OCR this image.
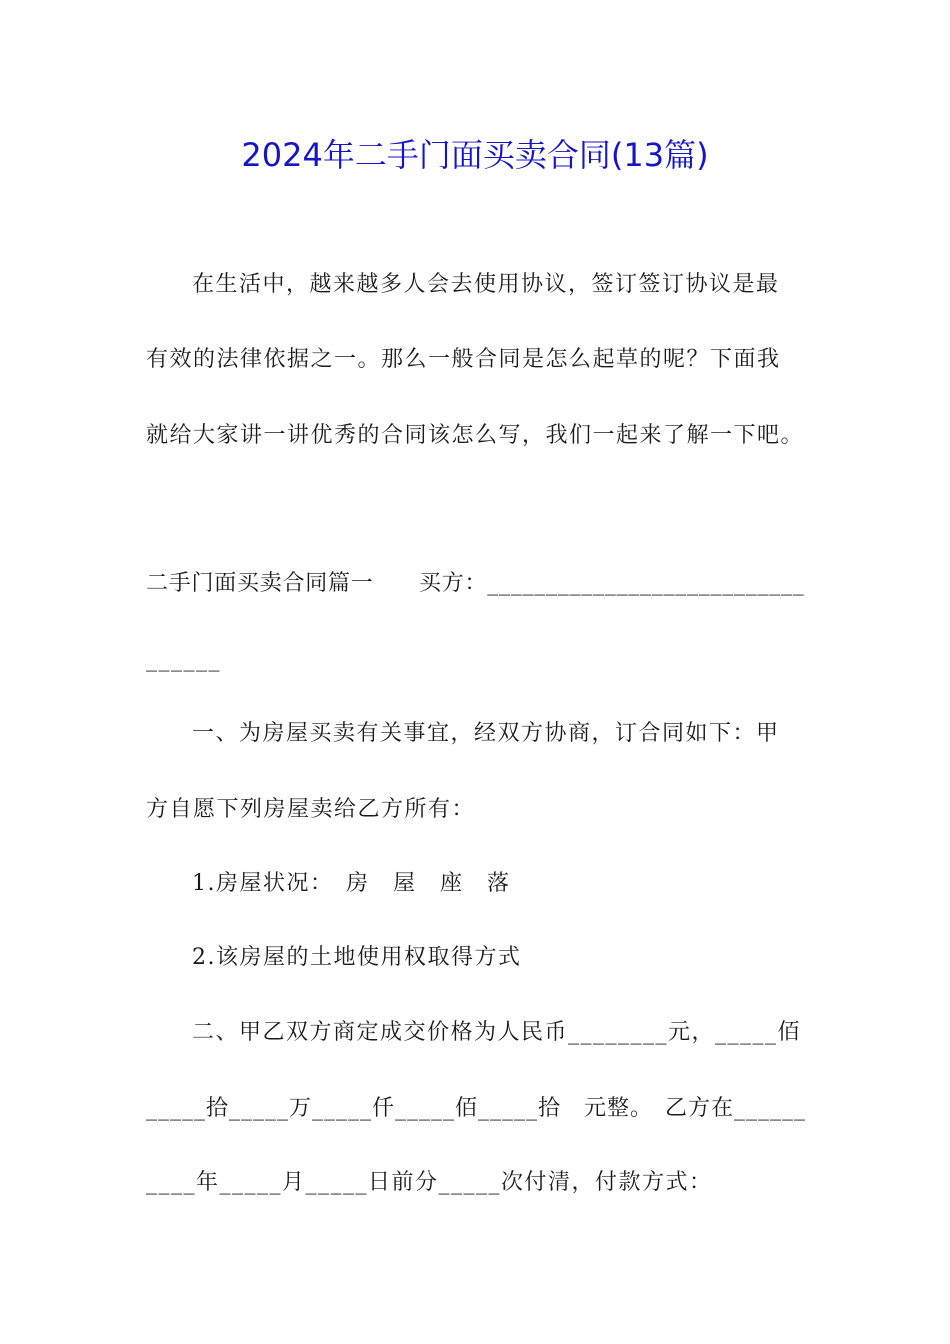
2024年二手门面买卖合同(13篇)
在生活中，越来越多人会去使用协议，签订签订协议是最
有效的法律依据之一。那么一般合同是怎么起草的呢？下面我
就给大家讲一讲优秀的合同该怎么写，我们一起来了解一下吧。
二手门面买卖合同篇一　　买方：___________________________
______
一、为房屋买卖有关事宜，经双方协商，订合同如下：甲
方自愿下列房屋卖给乙方所有：
1.房屋状况：　房　屋　座　落
2.该房屋的土地使用权取得方式
二、甲乙双方商定成交价格为人民币________元，_____佰
_____拾_____万_____仟_____佰_____拾　元整。　乙方在______
____年_____月_____日前分_____次付清，付款方式：
